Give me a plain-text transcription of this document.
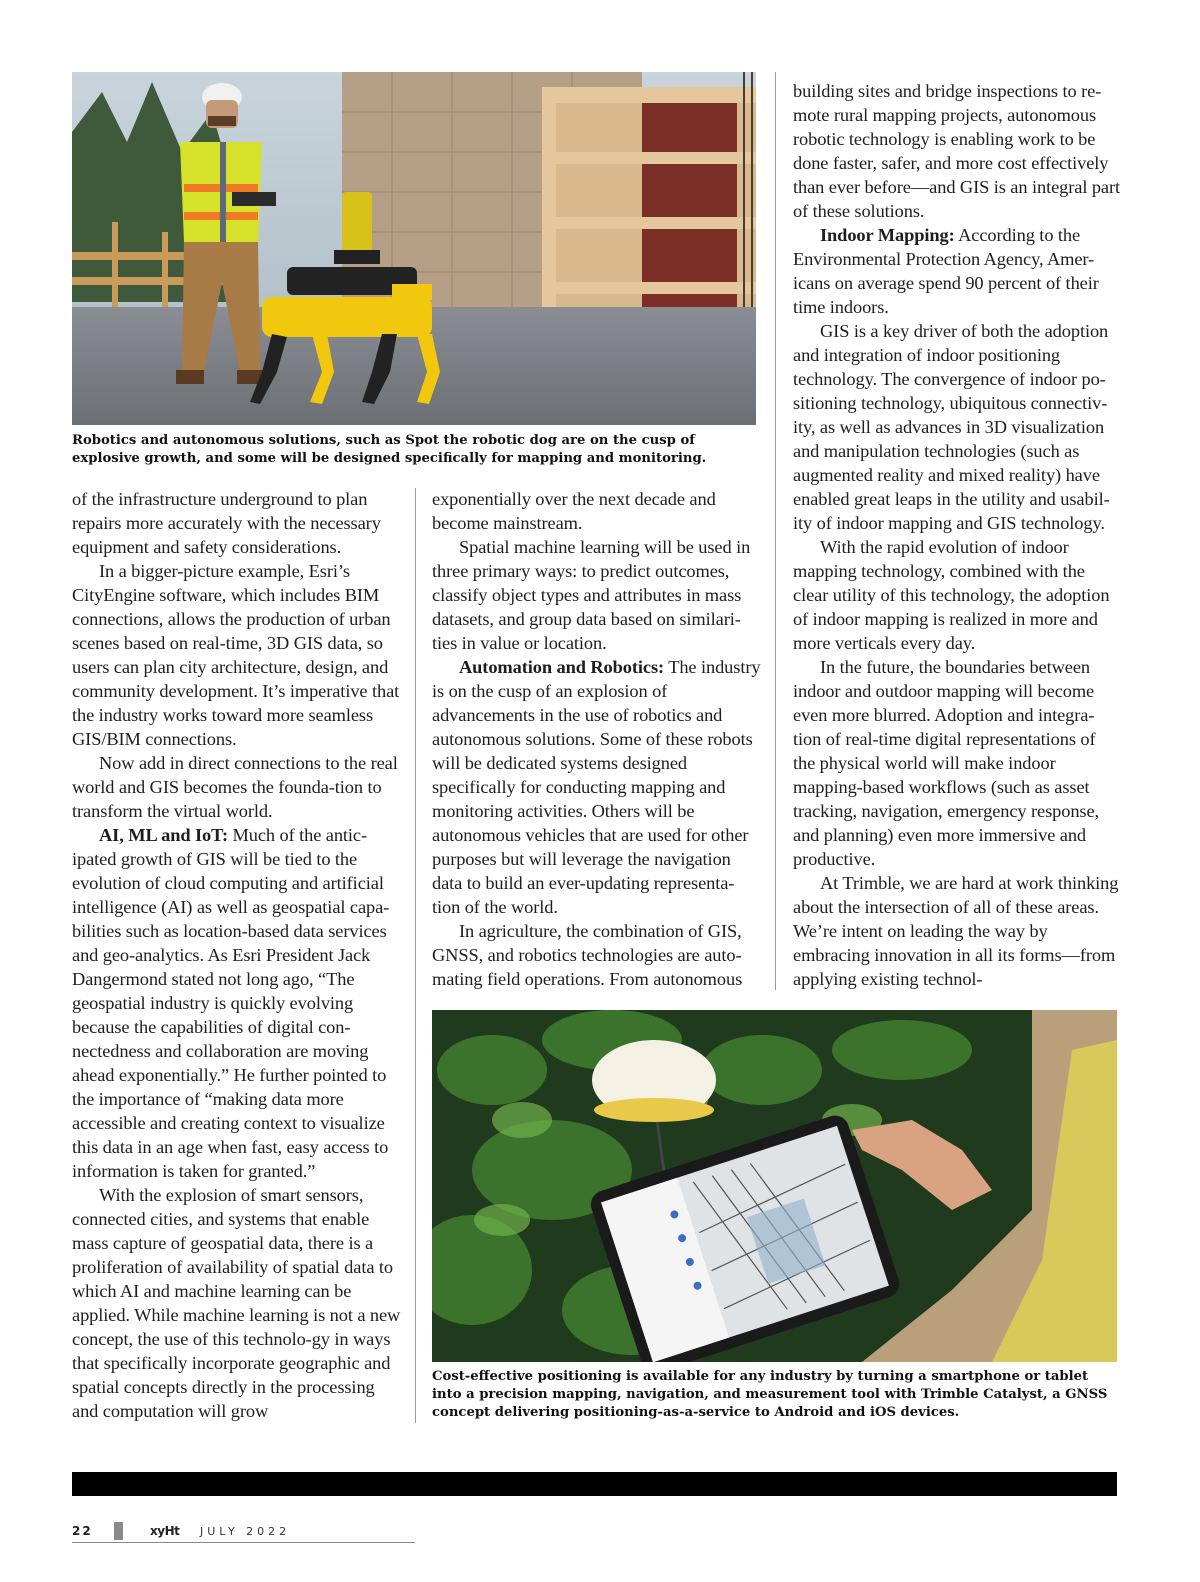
Robotics and autonomous solutions, such as Spot the robotic dog are on the cusp of explosive growth, and some will be designed specifically for mapping and monitoring.

of the infrastructure underground to plan repairs more accurately with the necessary equipment and safety considerations.

In a bigger-picture example, Esri’s CityEngine software, which includes BIM connections, allows the production of urban scenes based on real-time, 3D GIS data, so users can plan city architecture, design, and community development. It’s imperative that the industry works toward more seamless GIS/BIM connections.

Now add in direct connections to the real world and GIS becomes the founda-tion to transform the virtual world.

AI, ML and IoT: Much of the antic-ipated growth of GIS will be tied to the evolution of cloud computing and artificial intelligence (AI) as well as geospatial capa-bilities such as location-based data services and geo-analytics. As Esri President Jack Dangermond stated not long ago, “The geospatial industry is quickly evolving because the capabilities of digital con-nectedness and collaboration are moving ahead exponentially.” He further pointed to the importance of “making data more accessible and creating context to visualize this data in an age when fast, easy access to information is taken for granted.”

With the explosion of smart sensors, connected cities, and systems that enable mass capture of geospatial data, there is a proliferation of availability of spatial data to which AI and machine learning can be applied. While machine learning is not a new concept, the use of this technolo-gy in ways that specifically incorporate geographic and spatial concepts directly in the processing and computation will grow

exponentially over the next decade and become mainstream.

Spatial machine learning will be used in three primary ways: to predict outcomes, classify object types and attributes in mass datasets, and group data based on similari-ties in value or location.

Automation and Robotics: The industry is on the cusp of an explosion of advancements in the use of robotics and autonomous solutions. Some of these robots will be dedicated systems designed specifically for conducting mapping and monitoring activities. Others will be autonomous vehicles that are used for other purposes but will leverage the navigation data to build an ever-updating representa-tion of the world.

In agriculture, the combination of GIS, GNSS, and robotics technologies are auto-mating field operations. From autonomous

building sites and bridge inspections to re-mote rural mapping projects, autonomous robotic technology is enabling work to be done faster, safer, and more cost effectively than ever before—and GIS is an integral part of these solutions.

Indoor Mapping: According to the Environmental Protection Agency, Amer-icans on average spend 90 percent of their time indoors.

GIS is a key driver of both the adoption and integration of indoor positioning technology. The convergence of indoor po-sitioning technology, ubiquitous connectiv-ity, as well as advances in 3D visualization and manipulation technologies (such as augmented reality and mixed reality) have enabled great leaps in the utility and usabil-ity of indoor mapping and GIS technology.

With the rapid evolution of indoor mapping technology, combined with the clear utility of this technology, the adoption of indoor mapping is realized in more and more verticals every day.

In the future, the boundaries between indoor and outdoor mapping will become even more blurred. Adoption and integra-tion of real-time digital representations of the physical world will make indoor mapping-based workflows (such as asset tracking, navigation, emergency response, and planning) even more immersive and productive.

At Trimble, we are hard at work thinking about the intersection of all of these areas. We’re intent on leading the way by embracing innovation in all its forms—from applying existing technol-

Cost-effective positioning is available for any industry by turning a smartphone or tablet into a precision mapping, navigation, and measurement tool with Trimble Catalyst, a GNSS concept delivering positioning-as-a-service to Android and iOS devices.
22	xyHt JULY 2022
